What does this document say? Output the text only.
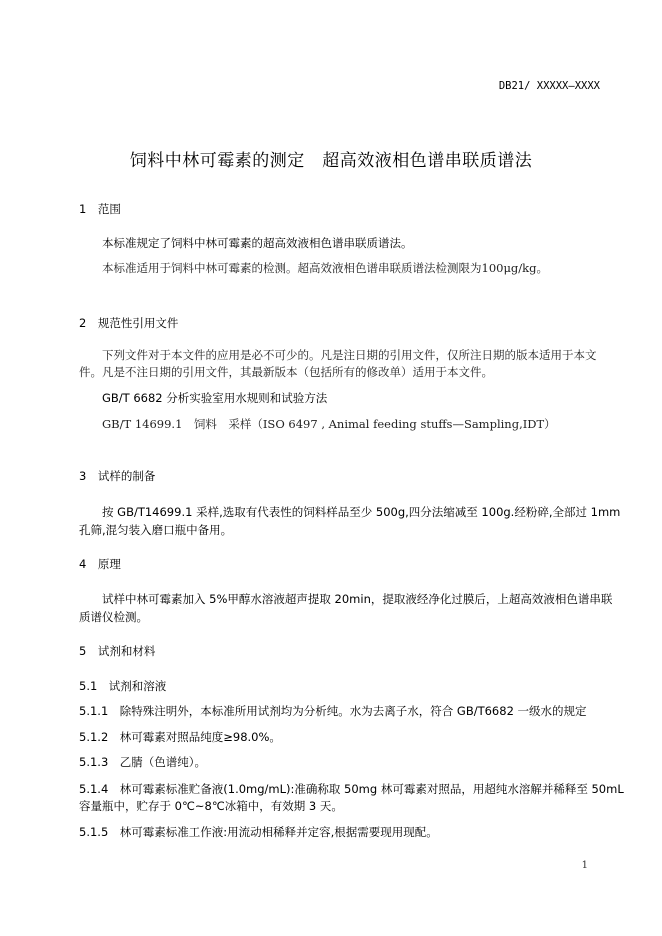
DB21/ XXXXX—XXXX
饲料中林可霉素的测定　超高效液相色谱串联质谱法
1　范围
本标准规定了饲料中林可霉素的超高效液相色谱串联质谱法。
本标准适用于饲料中林可霉素的检测。超高效液相色谱串联质谱法检测限为100μg/kg。
2　规范性引用文件
下列文件对于本文件的应用是必不可少的。凡是注日期的引用文件，仅所注日期的版本适用于本文
件。凡是不注日期的引用文件，其最新版本（包括所有的修改单）适用于本文件。
GB/T 6682 分析实验室用水规则和试验方法
GB/T 14699.1　饲料　采样（ISO 6497 , Animal feeding stuffs—Sampling,IDT）
3　试样的制备
按 GB/T14699.1 采样,选取有代表性的饲料样品至少 500g,四分法缩减至 100g.经粉碎,全部过 1mm
孔筛,混匀装入磨口瓶中备用。
4　原理
试样中林可霉素加入 5%甲醇水溶液超声提取 20min，提取液经净化过膜后，上超高效液相色谱串联
质谱仪检测。
5　试剂和材料
5.1　试剂和溶液
5.1.1　除特殊注明外，本标准所用试剂均为分析纯。水为去离子水，符合 GB/T6682 一级水的规定
5.1.2　林可霉素对照品纯度≥98.0%。
5.1.3　乙腈（色谱纯）。
5.1.4　林可霉素标准贮备液(1.0mg/mL):准确称取 50mg 林可霉素对照品，用超纯水溶解并稀释至 50mL
容量瓶中，贮存于 0℃~8℃冰箱中，有效期 3 天。
5.1.5　林可霉素标准工作液:用流动相稀释并定容,根据需要现用现配。
1
